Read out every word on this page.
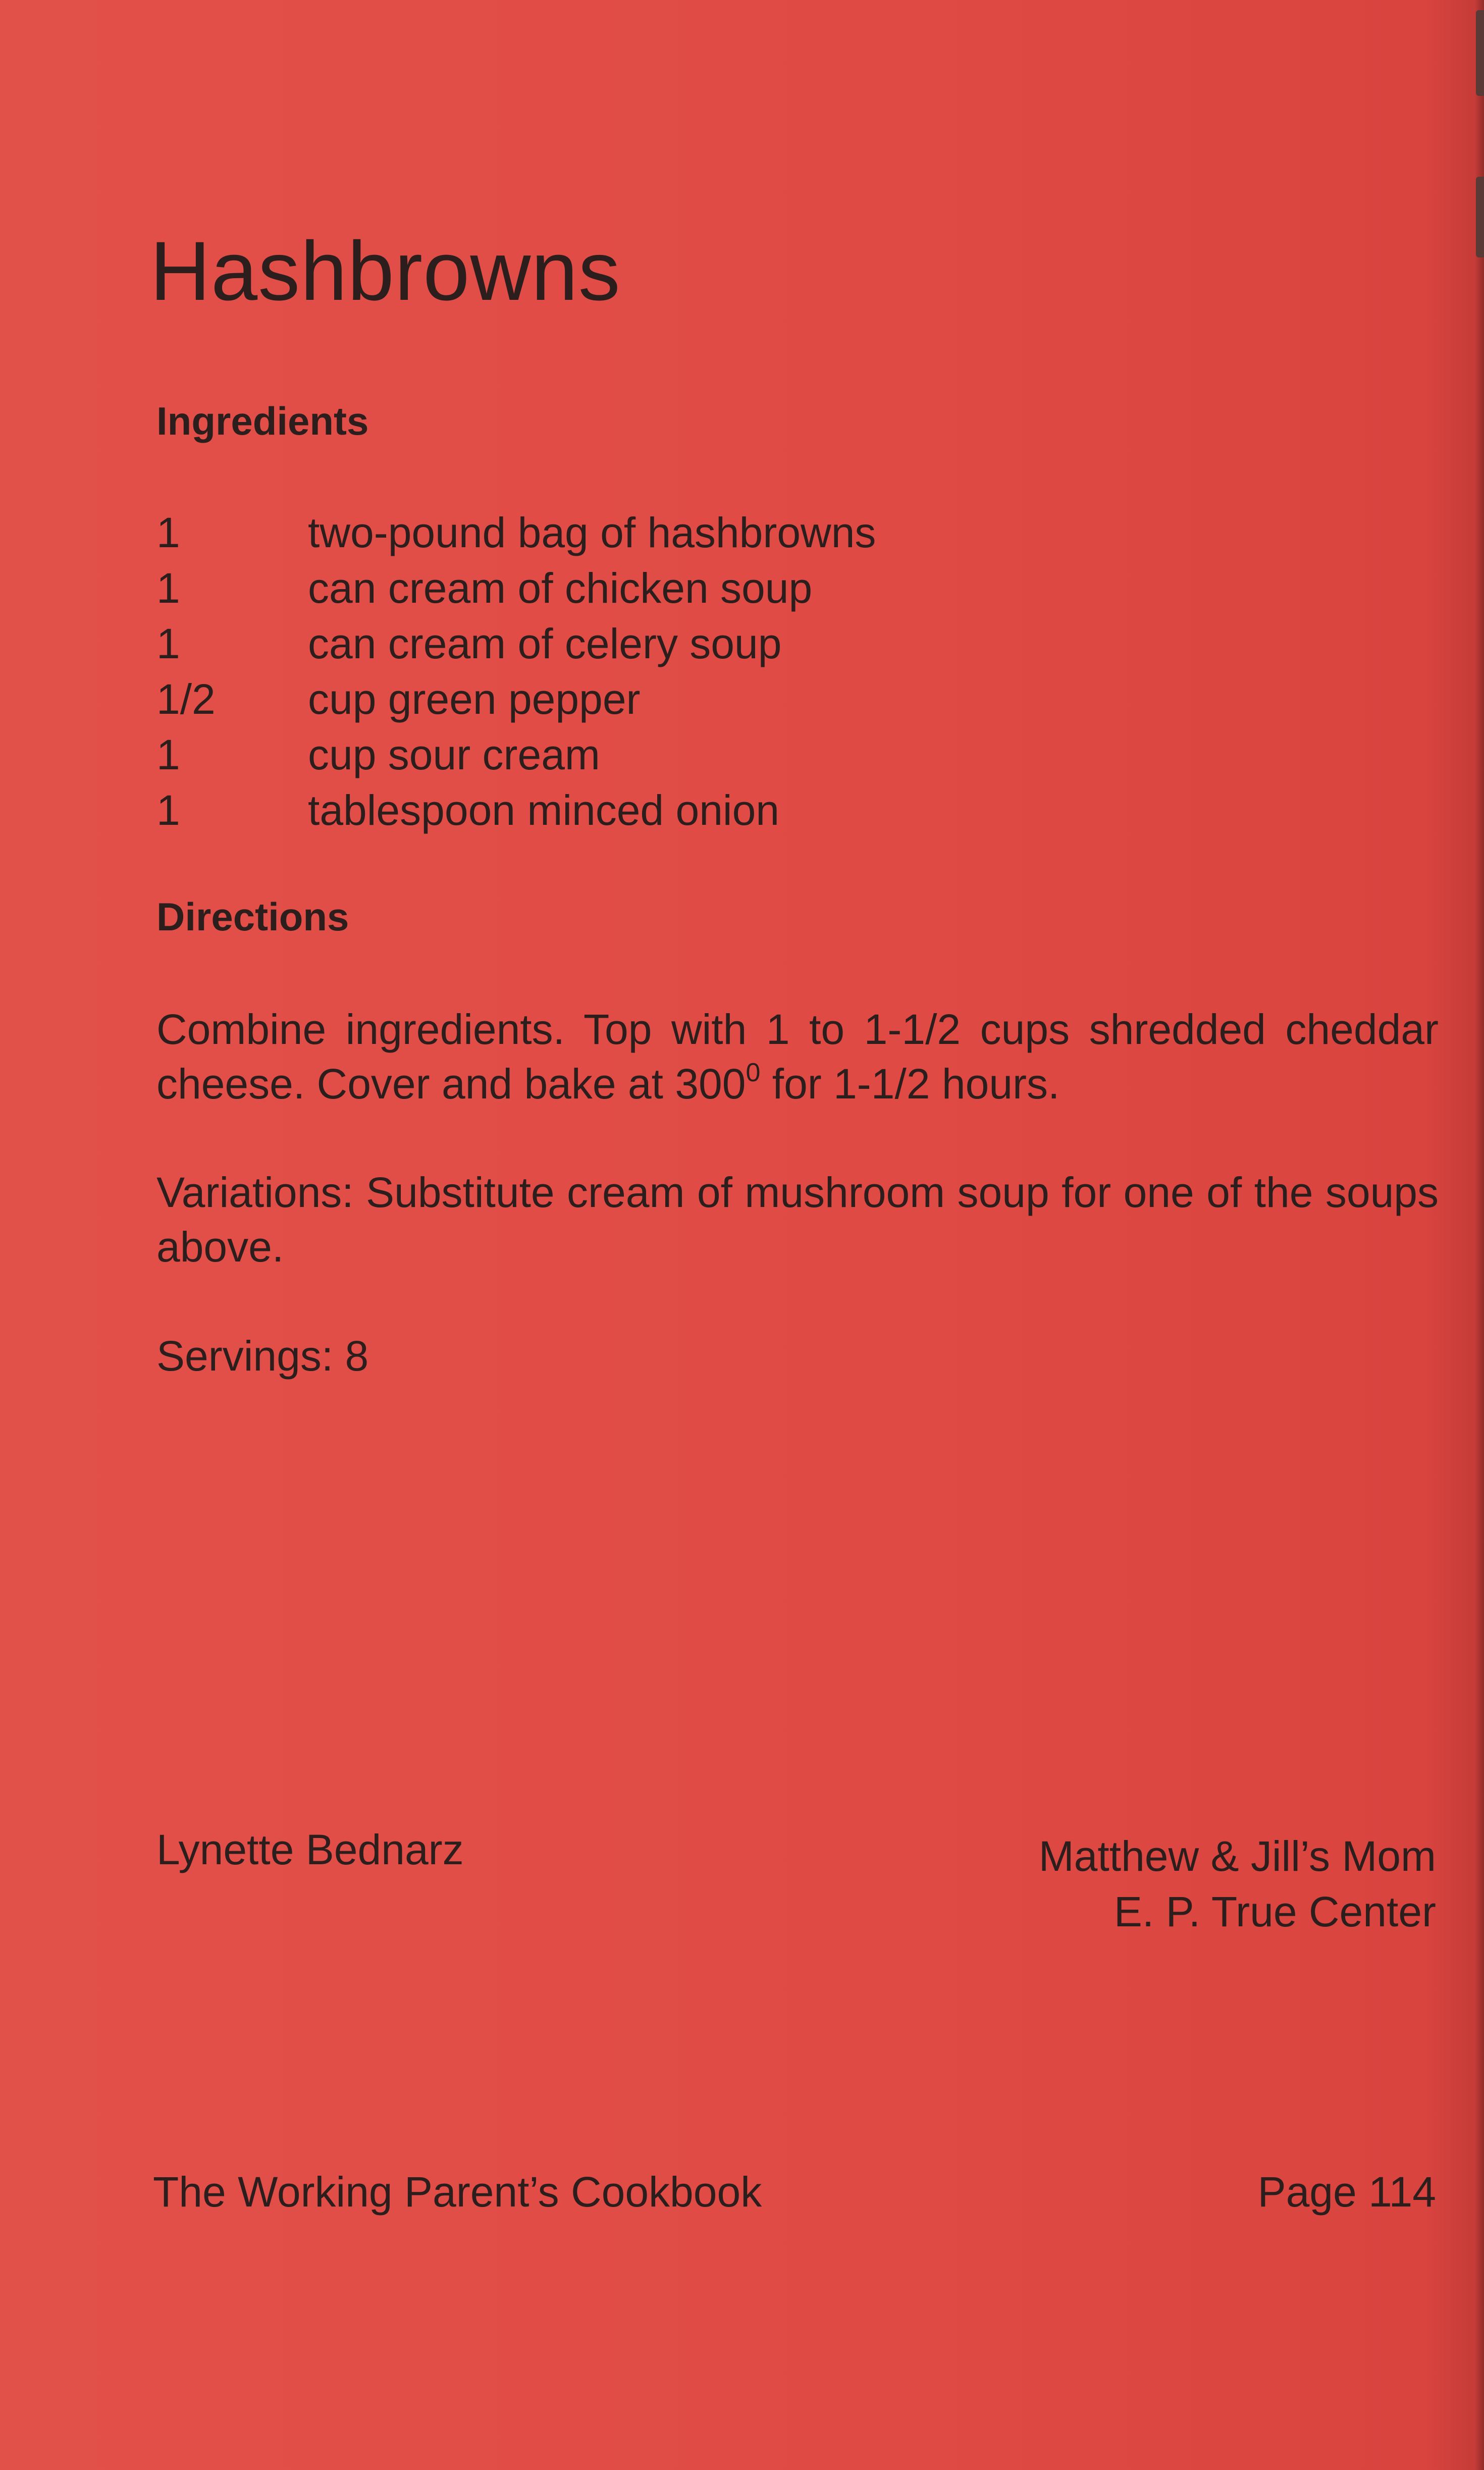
Hashbrowns
Ingredients
1	two-pound bag of hashbrowns
1	can cream of chicken soup
1	can cream of celery soup
1/2	cup green pepper
1	cup sour cream
1	tablespoon minced onion
Directions

Combine ingredients. Top with 1 to 1-1/2 cups shredded cheddar cheese. Cover and bake at $300^0$ for 1-1/2 hours.

Variations: Substitute cream of mushroom soup for one of the soups above.

Servings: 8

Lynette Bednarz	Matthew & Jill’s Mom
E. P. True Center

The Working Parent’s Cookbook	Page 114
